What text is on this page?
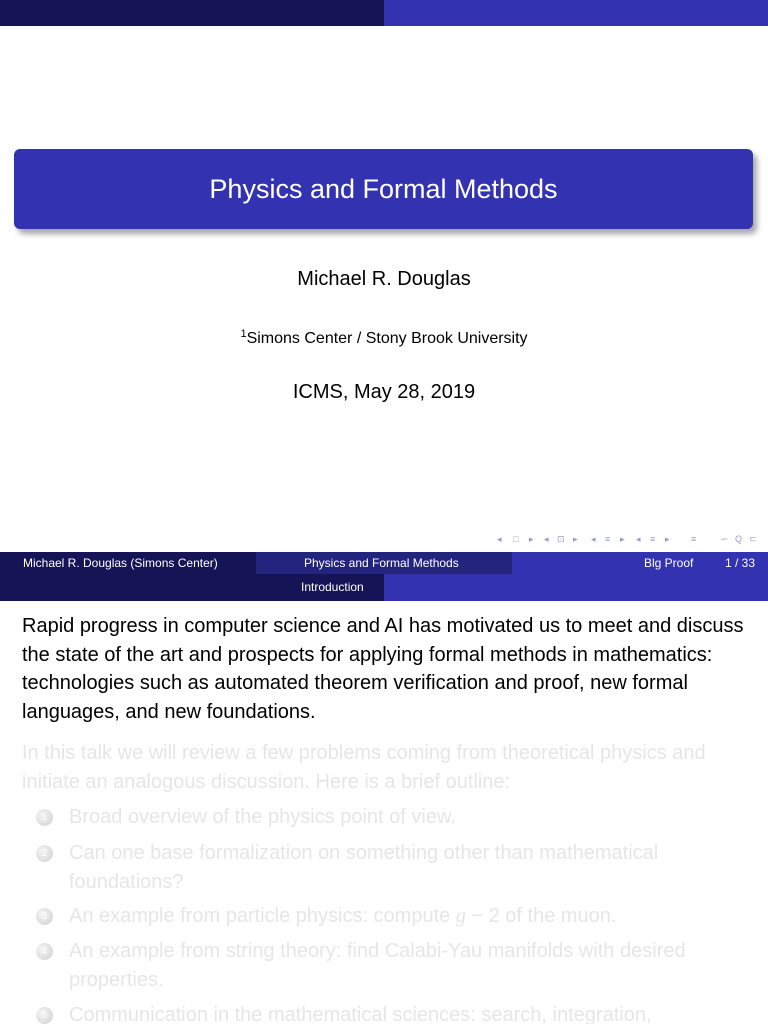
Physics and Formal Methods
Michael R. Douglas
$^1$Simons Center / Stony Brook University
ICMS, May 28, 2019
◂ □ ▸ ◂ ⊡ ▸ ◂ ≡ ▸ ◂ ≡ ▸ ≡	∽ Q ⊂
Michael R. Douglas (Simons Center)	Physics and Formal Methods	Blg Proof	1 / 33
Introduction
Rapid progress in computer science and AI has motivated us to meet and discuss the state of the art and prospects for applying formal methods in mathematics: technologies such as automated theorem verification and proof, new formal languages, and new foundations.
In this talk we will review a few problems coming from theoretical physics and initiate an analogous discussion. Here is a brief outline:
1 Broad overview of the physics point of view.
2 Can one base formalization on something other than mathematical foundations?
3 An example from particle physics: compute g − 2 of the muon.
4 An example from string theory: find Calabi-Yau manifolds with desired properties.
5 Communication in the mathematical sciences: search, integration,
